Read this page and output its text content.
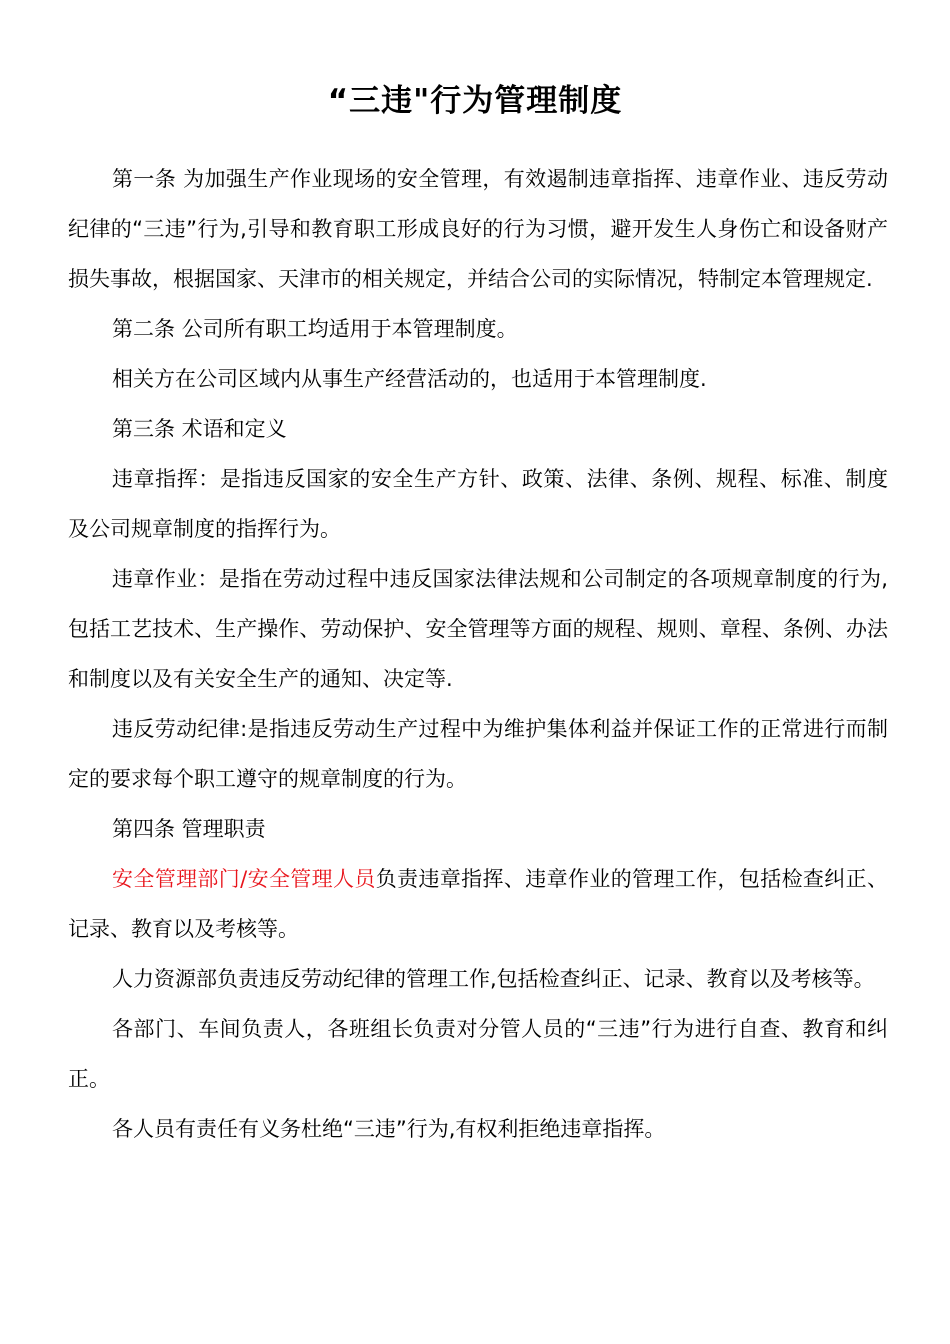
“三违"行为管理制度

第一条 为加强生产作业现场的安全管理，有效遏制违章指挥、违章作业、违反劳动纪律的“三违”行为,引导和教育职工形成良好的行为习惯，避开发生人身伤亡和设备财产损失事故，根据国家、天津市的相关规定，并结合公司的实际情况，特制定本管理规定.

第二条 公司所有职工均适用于本管理制度。

相关方在公司区域内从事生产经营活动的，也适用于本管理制度.

第三条 术语和定义

违章指挥：是指违反国家的安全生产方针、政策、法律、条例、规程、标准、制度及公司规章制度的指挥行为。

违章作业：是指在劳动过程中违反国家法律法规和公司制定的各项规章制度的行为,包括工艺技术、生产操作、劳动保护、安全管理等方面的规程、规则、章程、条例、办法和制度以及有关安全生产的通知、决定等.

违反劳动纪律:是指违反劳动生产过程中为维护集体利益并保证工作的正常进行而制定的要求每个职工遵守的规章制度的行为。

第四条 管理职责

安全管理部门/安全管理人员负责违章指挥、违章作业的管理工作，包括检查纠正、记录、教育以及考核等。

人力资源部负责违反劳动纪律的管理工作,包括检查纠正、记录、教育以及考核等。

各部门、车间负责人，各班组长负责对分管人员的“三违”行为进行自查、教育和纠正。

各人员有责任有义务杜绝“三违”行为,有权利拒绝违章指挥。
